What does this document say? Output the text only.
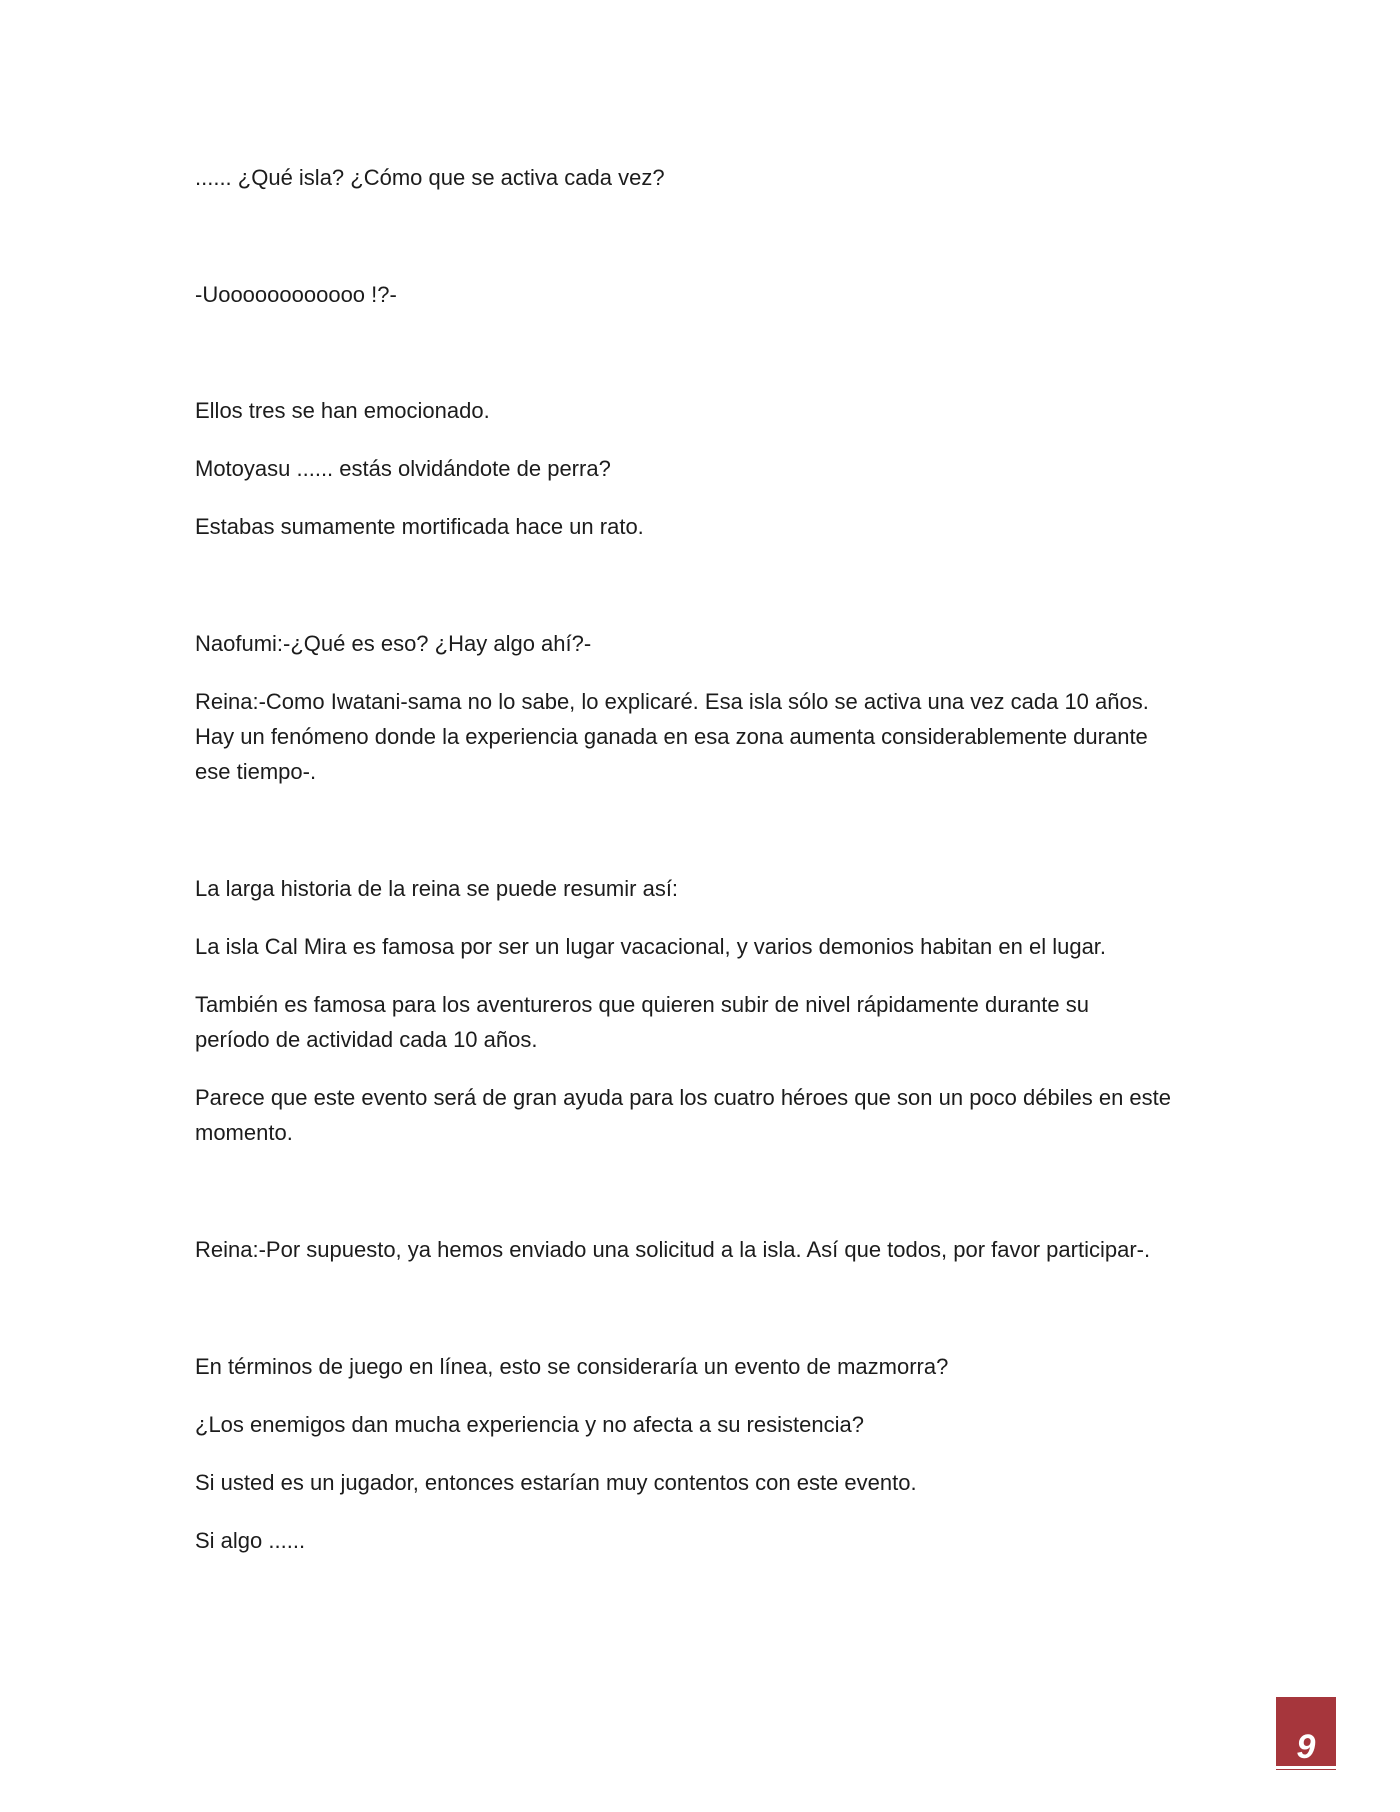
...... ¿Qué isla? ¿Cómo que se activa cada vez?

-Uoooooooooooo !?-

Ellos tres se han emocionado.

Motoyasu ...... estás olvidándote de perra?

Estabas sumamente mortificada hace un rato.

Naofumi:-¿Qué es eso? ¿Hay algo ahí?-

Reina:-Como Iwatani-sama no lo sabe, lo explicaré. Esa isla sólo se activa una vez cada 10 años.

Hay un fenómeno donde la experiencia ganada en esa zona aumenta considerablemente durante

ese tiempo-.

La larga historia de la reina se puede resumir así:

La isla Cal Mira es famosa por ser un lugar vacacional, y varios demonios habitan en el lugar.

También es famosa para los aventureros que quieren subir de nivel rápidamente durante su

período de actividad cada 10 años.

Parece que este evento será de gran ayuda para los cuatro héroes que son un poco débiles en este

momento.

Reina:-Por supuesto, ya hemos enviado una solicitud a la isla. Así que todos, por favor participar-.

En términos de juego en línea, esto se consideraría un evento de mazmorra?

¿Los enemigos dan mucha experiencia y no afecta a su resistencia?

Si usted es un jugador, entonces estarían muy contentos con este evento.

Si algo ......

9
